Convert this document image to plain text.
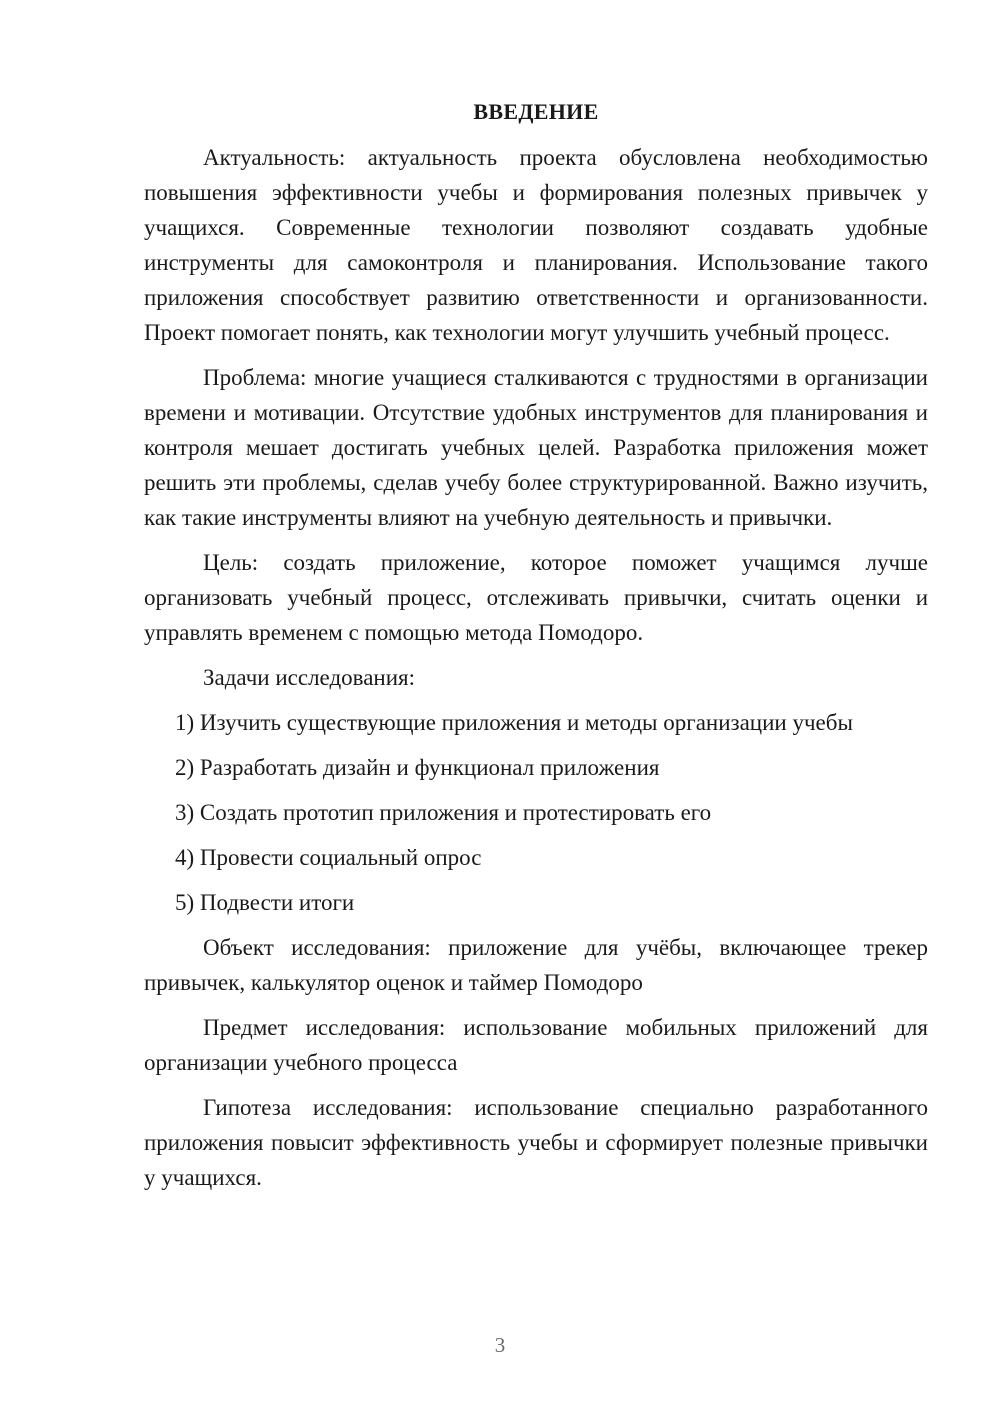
ВВЕДЕНИЕ

Актуальность: актуальность проекта обусловлена необходимостью повышения эффективности учебы и формирования полезных привычек у учащихся. Современные технологии позволяют создавать удобные инструменты для самоконтроля и планирования. Использование такого приложения способствует развитию ответственности и организованности. Проект помогает понять, как технологии могут улучшить учебный процесс.

Проблема: многие учащиеся сталкиваются с трудностями в организации времени и мотивации. Отсутствие удобных инструментов для планирования и контроля мешает достигать учебных целей. Разработка приложения может решить эти проблемы, сделав учебу более структурированной. Важно изучить, как такие инструменты влияют на учебную деятельность и привычки.

Цель: создать приложение, которое поможет учащимся лучше организовать учебный процесс, отслеживать привычки, считать оценки и управлять временем с помощью метода Помодоро.

Задачи исследования:

1) Изучить существующие приложения и методы организации учебы
2) Разработать дизайн и функционал приложения
3) Создать прототип приложения и протестировать его
4) Провести социальный опрос
5) Подвести итоги

Объект исследования: приложение для учёбы, включающее трекер привычек, калькулятор оценок и таймер Помодоро

Предмет исследования: использование мобильных приложений для организации учебного процесса

Гипотеза исследования: использование специально разработанного приложения повысит эффективность учебы и сформирует полезные привычки у учащихся.

3
